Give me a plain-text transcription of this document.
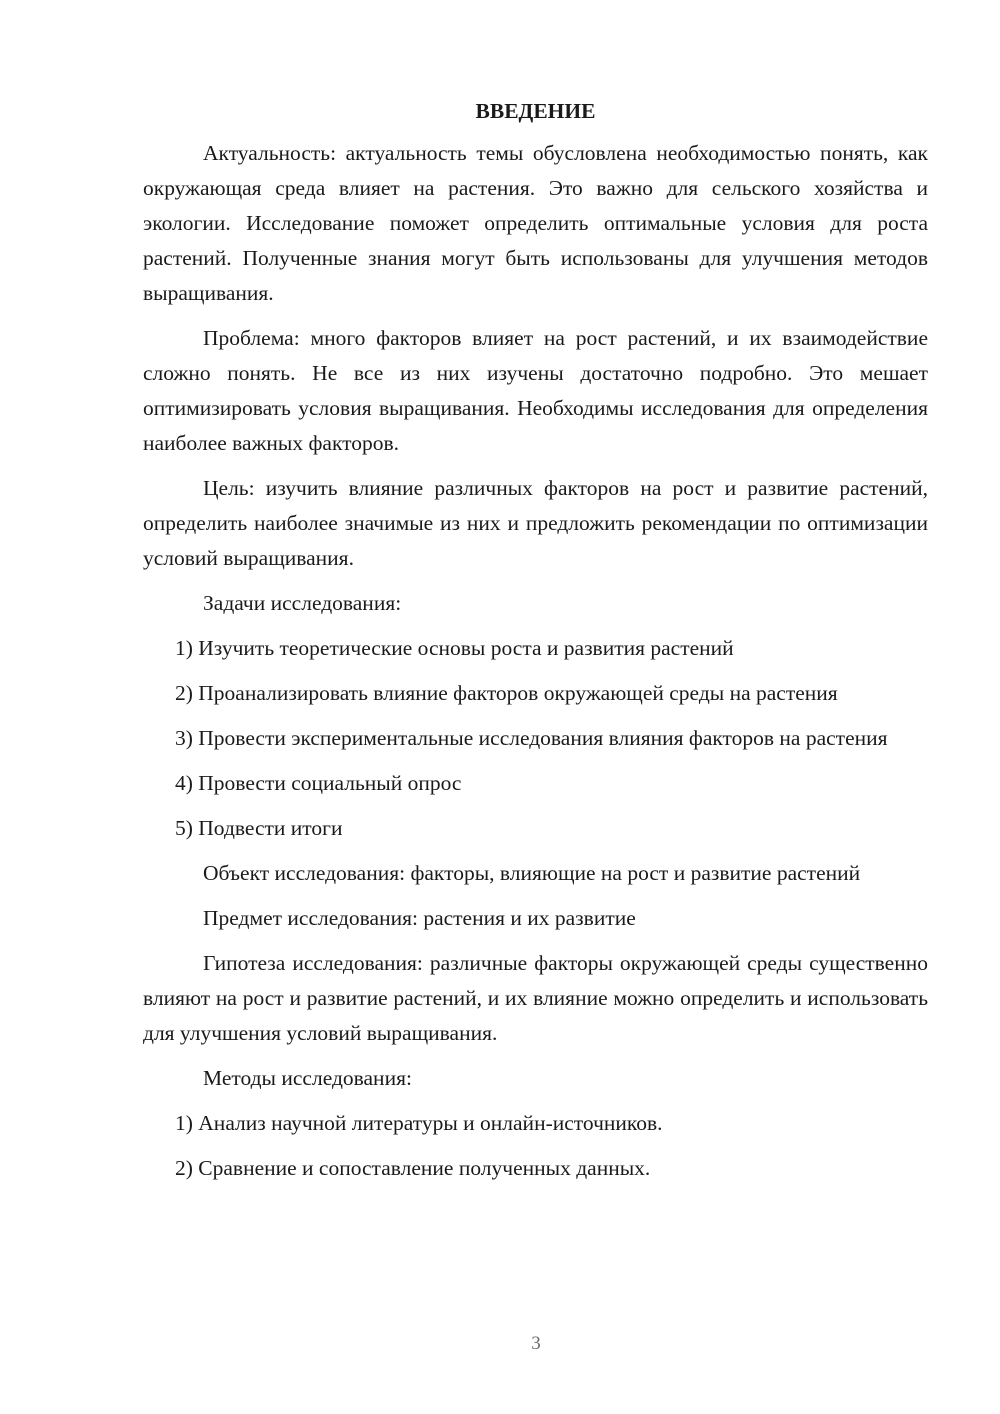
ВВЕДЕНИЕ

Актуальность: актуальность темы обусловлена необходимостью понять, как окружающая среда влияет на растения. Это важно для сельского хозяйства и экологии. Исследование поможет определить оптимальные условия для роста растений. Полученные знания могут быть использованы для улучшения методов выращивания.

Проблема: много факторов влияет на рост растений, и их взаимодействие сложно понять. Не все из них изучены достаточно подробно. Это мешает оптимизировать условия выращивания. Необходимы исследования для определения наиболее важных факторов.

Цель: изучить влияние различных факторов на рост и развитие растений, определить наиболее значимые из них и предложить рекомендации по оптимизации условий выращивания.

Задачи исследования:

1) Изучить теоретические основы роста и развития растений

2) Проанализировать влияние факторов окружающей среды на растения

3) Провести экспериментальные исследования влияния факторов на растения

4) Провести социальный опрос

5) Подвести итоги

Объект исследования: факторы, влияющие на рост и развитие растений

Предмет исследования: растения и их развитие

Гипотеза исследования: различные факторы окружающей среды существенно влияют на рост и развитие растений, и их влияние можно определить и использовать для улучшения условий выращивания.

Методы исследования:

1) Анализ научной литературы и онлайн-источников.

2) Сравнение и сопоставление полученных данных.

3
